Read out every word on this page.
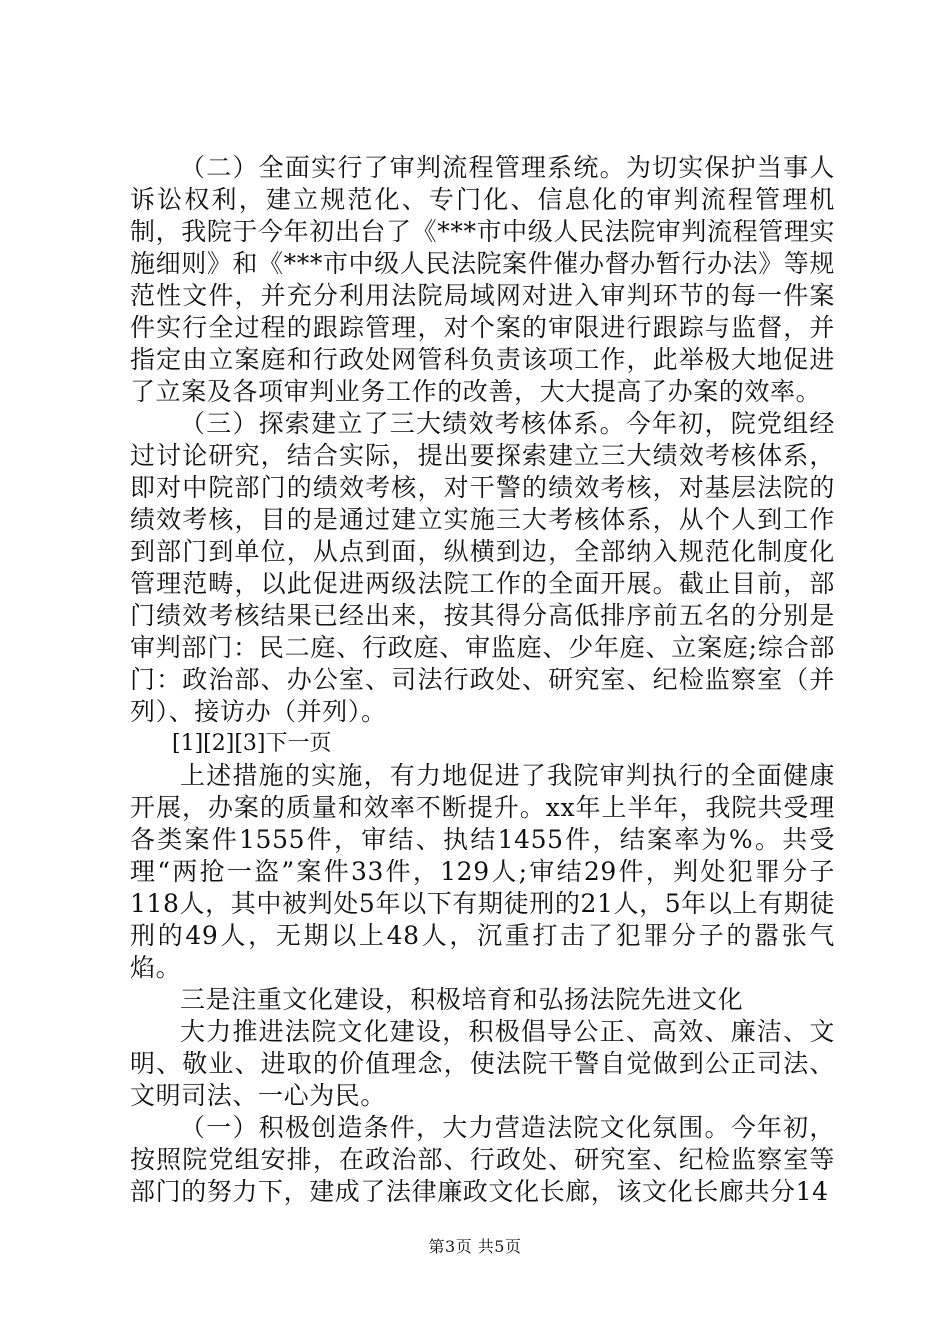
（二）全面实行了审判流程管理系统。为切实保护当事人诉讼权利，建立规范化、专门化、信息化的审判流程管理机制，我院于今年初出台了《***市中级人民法院审判流程管理实施细则》和《***市中级人民法院案件催办督办暂行办法》等规范性文件，并充分利用法院局域网对进入审判环节的每一件案件实行全过程的跟踪管理，对个案的审限进行跟踪与监督，并指定由立案庭和行政处网管科负责该项工作，此举极大地促进了立案及各项审判业务工作的改善，大大提高了办案的效率。

（三）探索建立了三大绩效考核体系。今年初，院党组经过讨论研究，结合实际，提出要探索建立三大绩效考核体系，即对中院部门的绩效考核，对干警的绩效考核，对基层法院的绩效考核，目的是通过建立实施三大考核体系，从个人到工作到部门到单位，从点到面，纵横到边，全部纳入规范化制度化管理范畴，以此促进两级法院工作的全面开展。截止目前，部门绩效考核结果已经出来，按其得分高低排序前五名的分别是审判部门：民二庭、行政庭、审监庭、少年庭、立案庭;综合部门：政治部、办公室、司法行政处、研究室、纪检监察室（并列）、接访办（并列）。

[1][2][3]下一页

上述措施的实施，有力地促进了我院审判执行的全面健康开展，办案的质量和效率不断提升。xx年上半年，我院共受理各类案件1555件，审结、执结1455件，结案率为%。共受理“两抢一盗”案件33件，129人;审结29件，判处犯罪分子118人，其中被判处5年以下有期徒刑的21人，5年以上有期徒刑的49人，无期以上48人，沉重打击了犯罪分子的嚣张气焰。

三是注重文化建设，积极培育和弘扬法院先进文化

大力推进法院文化建设，积极倡导公正、高效、廉洁、文明、敬业、进取的价值理念，使法院干警自觉做到公正司法、文明司法、一心为民。

（一）积极创造条件，大力营造法院文化氛围。今年初，按照院党组安排，在政治部、行政处、研究室、纪检监察室等部门的努力下，建成了法律廉政文化长廊，该文化长廊共分14

第3页 共5页
